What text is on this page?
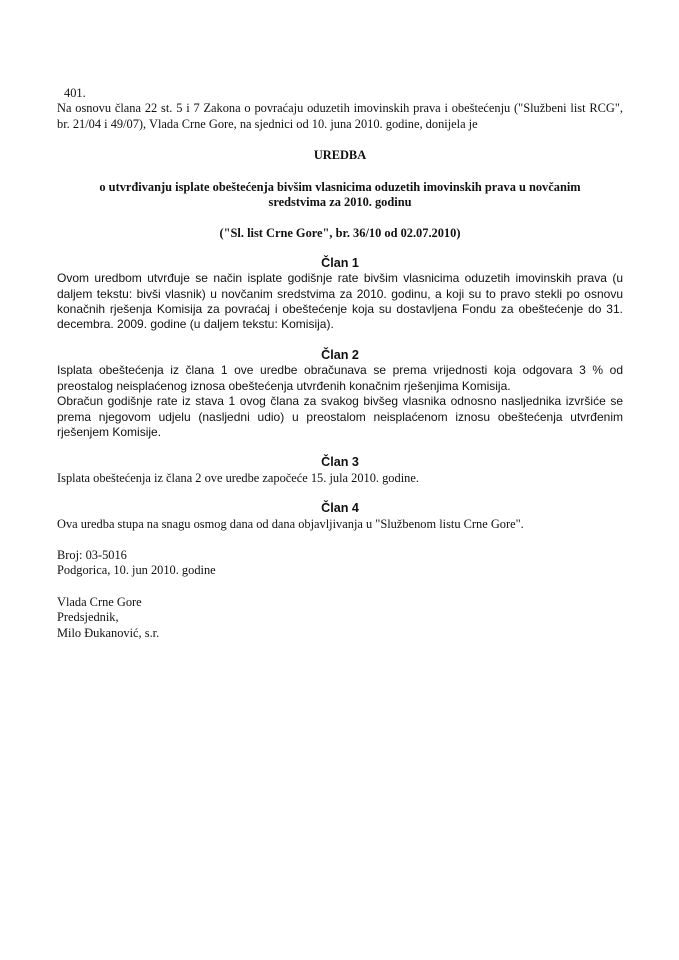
401.

Na osnovu člana 22 st. 5 i 7 Zakona o povraćaju oduzetih imovinskih prava i obeštećenju ("Službeni list RCG", br. 21/04 i 49/07), Vlada Crne Gore, na sjednici od 10. juna 2010. godine, donijela je

UREDBA
o utvrđivanju isplate obeštećenja bivšim vlasnicima oduzetih imovinskih prava u novčanim sredstvima za 2010. godinu
("Sl. list Crne Gore", br. 36/10 od 02.07.2010)
Član 1

Ovom uredbom utvrđuje se način isplate godišnje rate bivšim vlasnicima oduzetih imovinskih prava (u daljem tekstu: bivši vlasnik) u novčanim sredstvima za 2010. godinu, a koji su to pravo stekli po osnovu konačnih rješenja Komisija za povraćaj i obeštećenje koja su dostavljena Fondu za obeštećenje do 31. decembra. 2009. godine (u daljem tekstu: Komisija).

Član 2

Isplata obeštećenja iz člana 1 ove uredbe obračunava se prema vrijednosti koja odgovara 3 % od preostalog neisplaćenog iznosa obeštećenja utvrđenih konačnim rješenjima Komisija.

Obračun godišnje rate iz stava 1 ovog člana za svakog bivšeg vlasnika odnosno nasljednika izvršiće se prema njegovom udjelu (nasljedni udio) u preostalom neisplaćenom iznosu obeštećenja utvrđenim rješenjem Komisije.

Član 3

Isplata obeštećenja iz člana 2 ove uredbe započeće 15. jula 2010. godine.

Član 4

Ova uredba stupa na snagu osmog dana od dana objavljivanja u "Službenom listu Crne Gore".

Broj: 03-5016
Podgorica, 10. jun 2010. godine
Vlada Crne Gore
Predsjednik,
Milo Đukanović, s.r.
